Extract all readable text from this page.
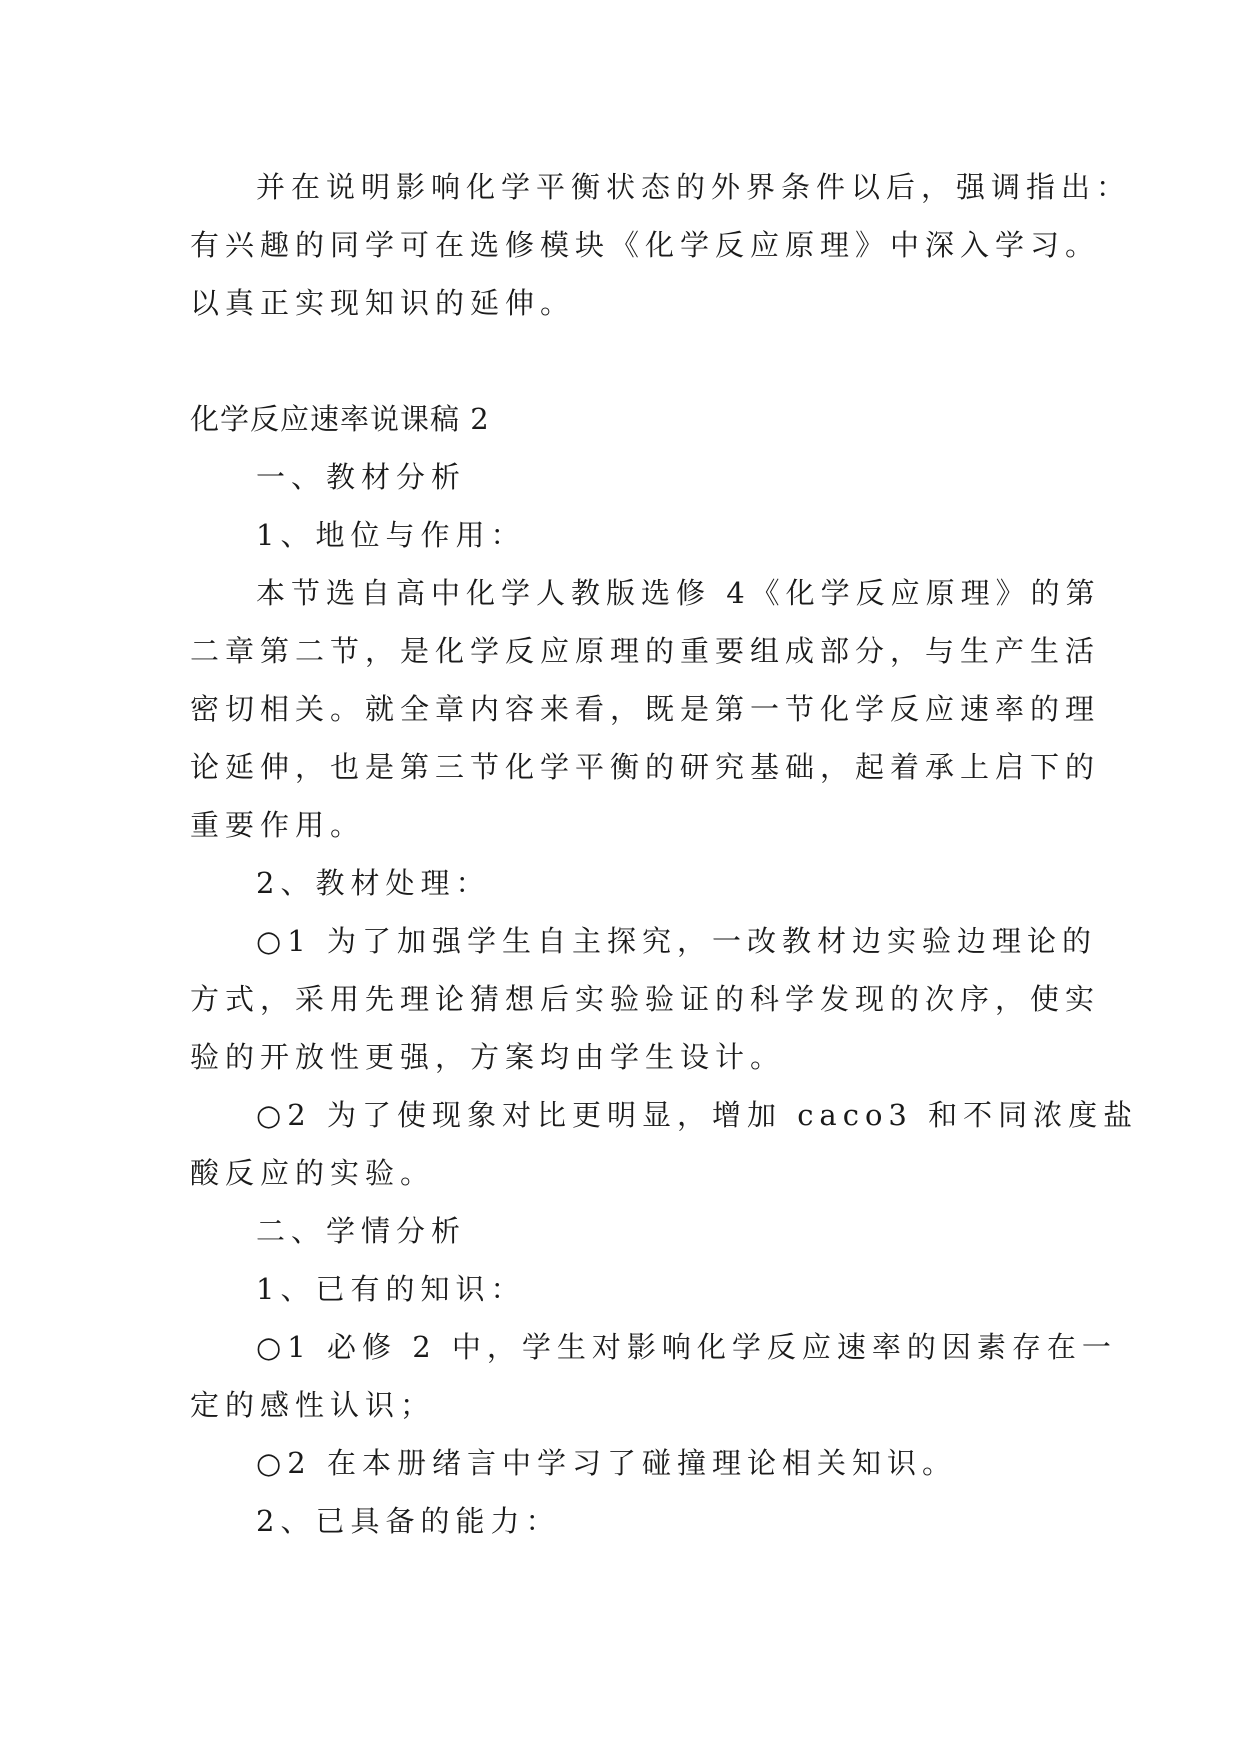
并在说明影响化学平衡状态的外界条件以后，强调指出：
有兴趣的同学可在选修模块《化学反应原理》中深入学习。
以真正实现知识的延伸。
化学反应速率说课稿 2
一、教材分析
1、地位与作用：
本节选自高中化学人教版选修 4《化学反应原理》的第
二章第二节，是化学反应原理的重要组成部分，与生产生活
密切相关。就全章内容来看，既是第一节化学反应速率的理
论延伸，也是第三节化学平衡的研究基础，起着承上启下的
重要作用。
2、教材处理：
○1 为了加强学生自主探究，一改教材边实验边理论的
方式，采用先理论猜想后实验验证的科学发现的次序，使实
验的开放性更强，方案均由学生设计。
○2 为了使现象对比更明显，增加 caco3 和不同浓度盐
酸反应的实验。
二、学情分析
1、已有的知识：
○1 必修 2 中，学生对影响化学反应速率的因素存在一
定的感性认识；
○2 在本册绪言中学习了碰撞理论相关知识。
2、已具备的能力：
